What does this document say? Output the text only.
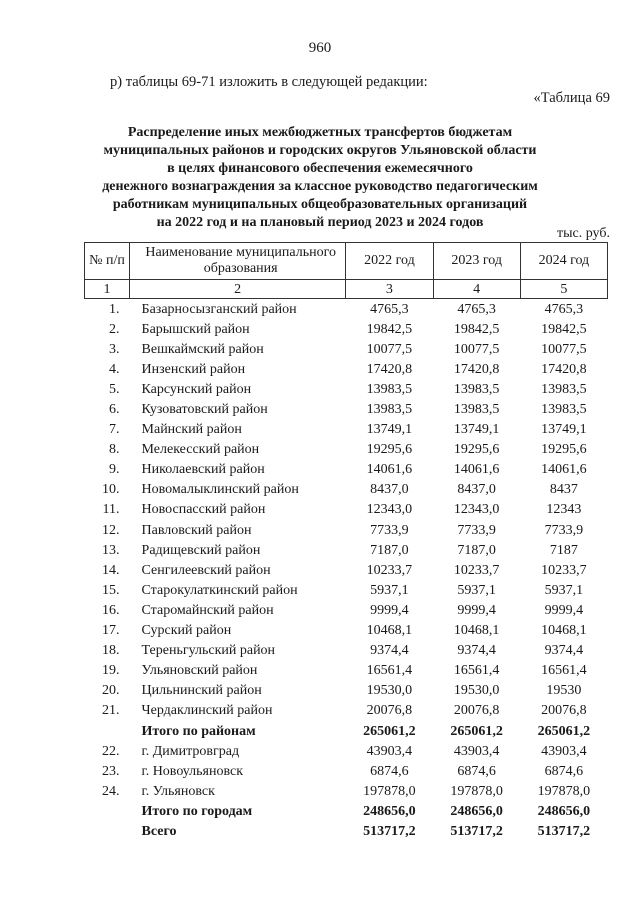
960
р) таблицы 69-71 изложить в следующей редакции:
«Таблица 69
Распределение иных межбюджетных трансфертов бюджетам
муниципальных районов и городских округов Ульяновской области
в целях финансового обеспечения ежемесячного
денежного вознаграждения за классное руководство педагогическим
работникам муниципальных общеобразовательных организаций
на 2022 год и на плановый период 2023 и 2024 годов
тыс. руб.
№ п/п	Наименование муниципального образования	2022 год	2023 год	2024 год
1	2	3	4	5
1.	Базарносызганский район	4765,3	4765,3	4765,3
2.	Барышский район	19842,5	19842,5	19842,5
3.	Вешкаймский район	10077,5	10077,5	10077,5
4.	Инзенский район	17420,8	17420,8	17420,8
5.	Карсунский район	13983,5	13983,5	13983,5
6.	Кузоватовский район	13983,5	13983,5	13983,5
7.	Майнский район	13749,1	13749,1	13749,1
8.	Мелекесский район	19295,6	19295,6	19295,6
9.	Николаевский район	14061,6	14061,6	14061,6
10.	Новомалыклинский район	8437,0	8437,0	8437
11.	Новоспасский район	12343,0	12343,0	12343
12.	Павловский район	7733,9	7733,9	7733,9
13.	Радищевский район	7187,0	7187,0	7187
14.	Сенгилеевский район	10233,7	10233,7	10233,7
15.	Старокулаткинский район	5937,1	5937,1	5937,1
16.	Старомайнский район	9999,4	9999,4	9999,4
17.	Сурский район	10468,1	10468,1	10468,1
18.	Тереньгульский район	9374,4	9374,4	9374,4
19.	Ульяновский район	16561,4	16561,4	16561,4
20.	Цильнинский район	19530,0	19530,0	19530
21.	Чердаклинский район	20076,8	20076,8	20076,8
	Итого по районам	265061,2	265061,2	265061,2
22.	г. Димитровград	43903,4	43903,4	43903,4
23.	г. Новоульяновск	6874,6	6874,6	6874,6
24.	г. Ульяновск	197878,0	197878,0	197878,0
	Итого по городам	248656,0	248656,0	248656,0
	Всего	513717,2	513717,2	513717,2
